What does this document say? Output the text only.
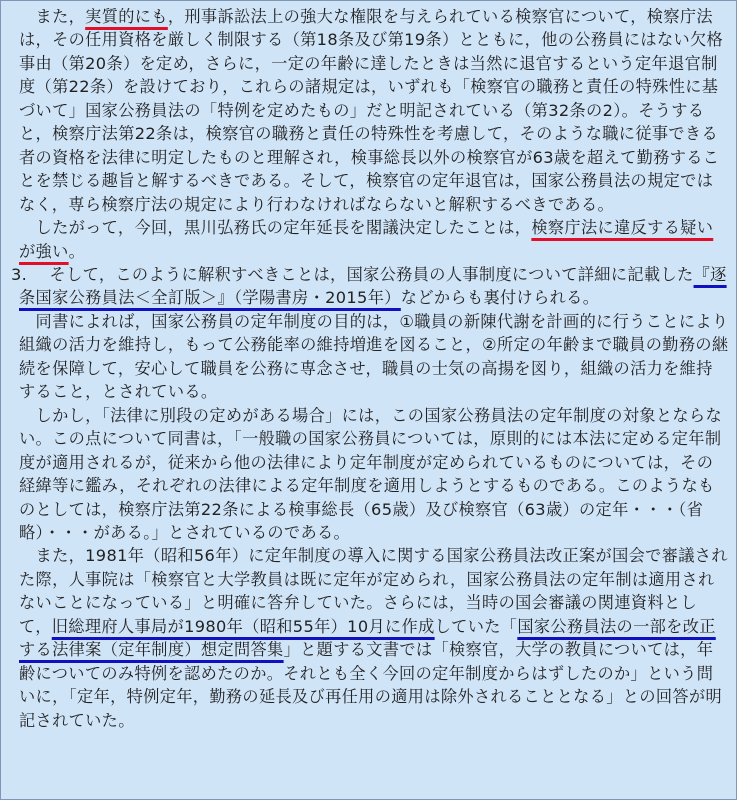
　また，実質的にも，刑事訴訟法上の強大な権限を与えられている検察官について，検察庁法は，その任用資格を厳しく制限する（第18条及び第19条）とともに，他の公務員にはない欠格事由（第20条）を定め，さらに，一定の年齢に達したときは当然に退官するという定年退官制度（第22条）を設けており，これらの諸規定は，いずれも「検察官の職務と責任の特殊性に基づいて」国家公務員法の「特例を定めたもの」だと明記されている（第32条の2）。そうすると，検察庁法第22条は，検察官の職務と責任の特殊性を考慮して，そのような職に従事できる者の資格を法律に明定したものと理解され，検事総長以外の検察官が63歳を超えて勤務することを禁じる趣旨と解するべきである。そして，検察官の定年退官は，国家公務員法の規定ではなく，専ら検察庁法の規定により行わなければならないと解釈するべきである。

　したがって，今回，黒川弘務氏の定年延長を閣議決定したことは，検察庁法に違反する疑いが強い。

3.　そして，このように解釈すべきことは，国家公務員の人事制度について詳細に記載した『逐条国家公務員法＜全訂版＞』（学陽書房・2015年）などからも裏付けられる。

　同書によれば，国家公務員の定年制度の目的は，①職員の新陳代謝を計画的に行うことにより組織の活力を維持し，もって公務能率の維持増進を図ること，②所定の年齢まで職員の勤務の継続を保障して，安心して職員を公務に専念させ，職員の士気の高揚を図り，組織の活力を維持すること，とされている。

　しかし，「法律に別段の定めがある場合」には，この国家公務員法の定年制度の対象とならない。この点について同書は，「一般職の国家公務員については，原則的には本法に定める定年制度が適用されるが，従来から他の法律により定年制度が定められているものについては，その経緯等に鑑み，それぞれの法律による定年制度を適用しようとするものである。このようなものとしては，検察庁法第22条による検事総長（65歳）及び検察官（63歳）の定年・・・（省略）・・・がある。」とされているのである。

　また，1981年（昭和56年）に定年制度の導入に関する国家公務員法改正案が国会で審議された際，人事院は「検察官と大学教員は既に定年が定められ，国家公務員法の定年制は適用されないことになっている」と明確に答弁していた。さらには，当時の国会審議の関連資料として，旧総理府人事局が1980年（昭和55年）10月に作成していた「国家公務員法の一部を改正する法律案（定年制度）想定問答集」と題する文書では「検察官，大学の教員については，年齢についてのみ特例を認めたのか。それとも全く今回の定年制度からはずしたのか」という問いに，「定年，特例定年，勤務の延長及び再任用の適用は除外されることとなる」との回答が明記されていた。
